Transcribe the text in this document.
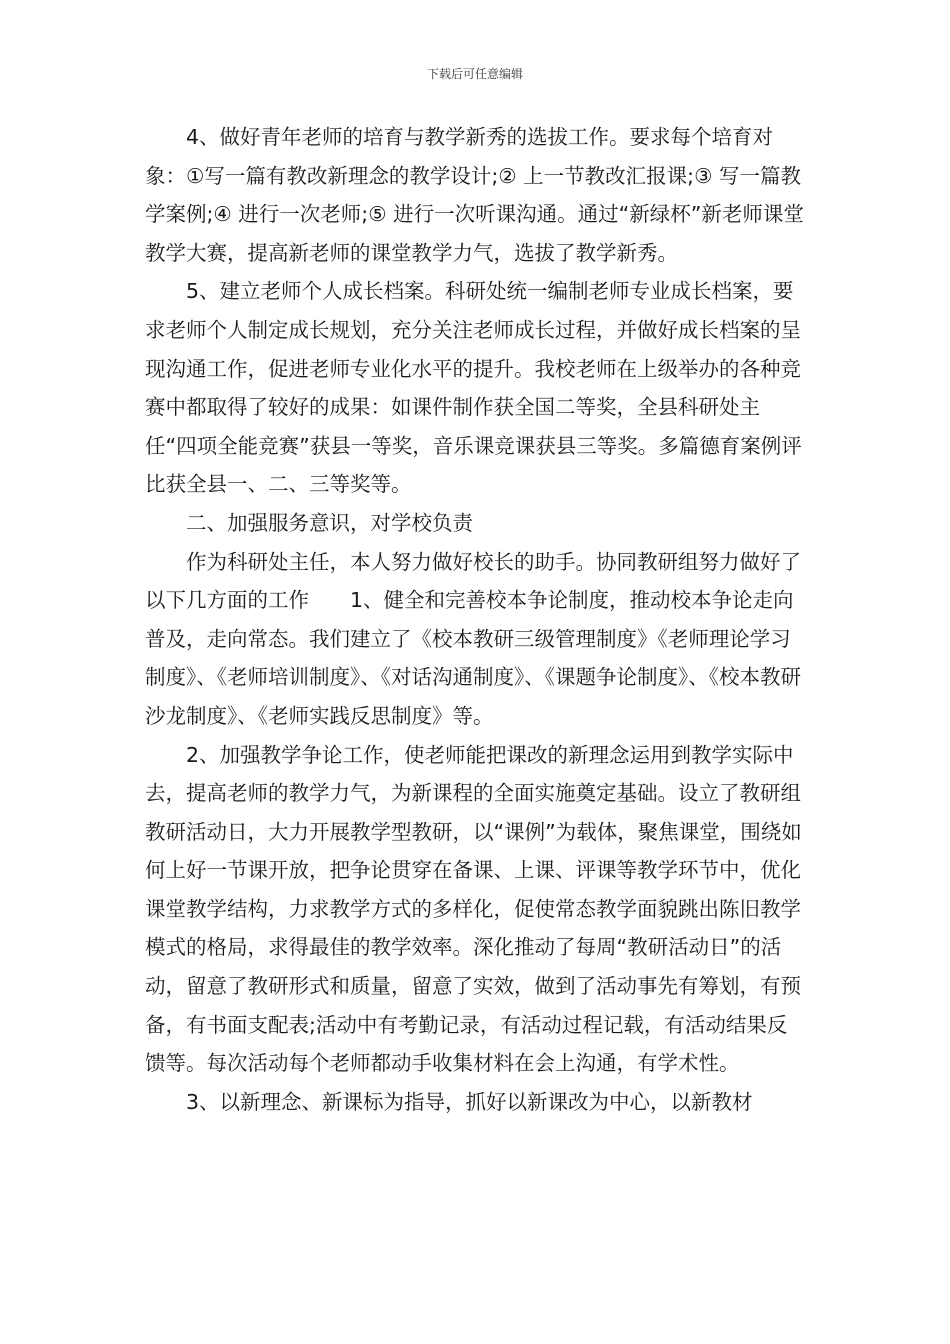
下载后可任意编辑

4、做好青年老师的培育与教学新秀的选拔工作。要求每个培育对象：①写一篇有教改新理念的教学设计;② 上一节教改汇报课;③ 写一篇教学案例;④ 进行一次老师;⑤ 进行一次听课沟通。通过“新绿杯”新老师课堂教学大赛，提高新老师的课堂教学力气，选拔了教学新秀。

5、建立老师个人成长档案。科研处统一编制老师专业成长档案，要求老师个人制定成长规划，充分关注老师成长过程，并做好成长档案的呈现沟通工作，促进老师专业化水平的提升。我校老师在上级举办的各种竞赛中都取得了较好的成果：如课件制作获全国二等奖，全县科研处主任“四项全能竞赛”获县一等奖，音乐课竞课获县三等奖。多篇德育案例评比获全县一、二、三等奖等。

二、加强服务意识，对学校负责

作为科研处主任，本人努力做好校长的助手。协同教研组努力做好了以下几方面的工作　　1、健全和完善校本争论制度，推动校本争论走向普及，走向常态。我们建立了《校本教研三级管理制度》《老师理论学习制度》、《老师培训制度》、《对话沟通制度》、《课题争论制度》、《校本教研沙龙制度》、《老师实践反思制度》等。

2、加强教学争论工作，使老师能把课改的新理念运用到教学实际中去，提高老师的教学力气，为新课程的全面实施奠定基础。设立了教研组教研活动日，大力开展教学型教研，以“课例”为载体，聚焦课堂，围绕如何上好一节课开放，把争论贯穿在备课、上课、评课等教学环节中，优化课堂教学结构，力求教学方式的多样化，促使常态教学面貌跳出陈旧教学模式的格局，求得最佳的教学效率。深化推动了每周“教研活动日”的活动，留意了教研形式和质量，留意了实效，做到了活动事先有筹划，有预备，有书面支配表;活动中有考勤记录，有活动过程记载，有活动结果反馈等。每次活动每个老师都动手收集材料在会上沟通，有学术性。

3、以新理念、新课标为指导，抓好以新课改为中心，以新教材
